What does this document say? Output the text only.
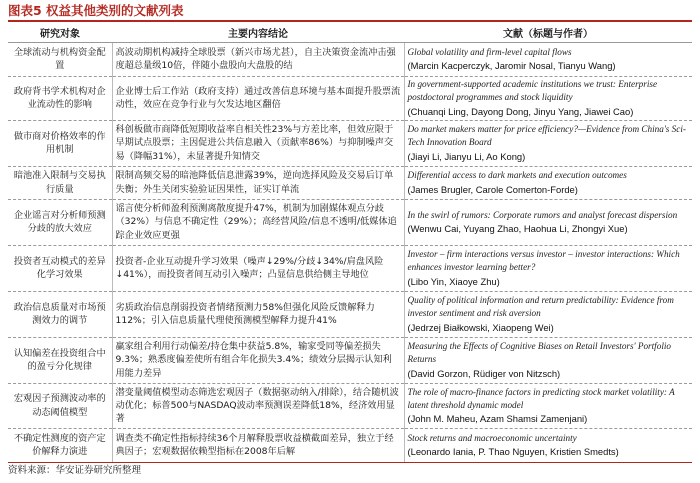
图表5 权益其他类别的文献列表
研究对象	主要内容结论	文献（标题与作者）
全球流动与机构资金配置	高波动期机构减持全球股票（新兴市场尤甚），自主决策资金流冲击强度超总量级10倍，伴随小盘股向大盘股的结	Global volatility and firm-level capital flows
(Marcin Kacperczyk, Jaromir Nosal, Tianyu Wang)

政府背书学术机构对企业流动性的影响	企业博士后工作站（政府支持）通过改善信息环境与基本面提升股票流动性，效应在竞争行业与欠发达地区翻倍	In government-supported academic institutions we trust: Enterprise postdoctoral programmes and stock liquidity
(Chuanqi Ling, Dayong Dong, Jinyu Yang, Jiawei Cao)

做市商对价格效率的作用机制	科创板做市商降低短期收益率自相关性23%与方差比率，但效应限于早期试点股票；主因促进公共信息融入（贡献率86%）与抑制噪声交易（降幅31%），未显著提升知情交	Do market makers matter for price efficiency?—Evidence from China's Sci-Tech Innovation Board
(Jiayi Li, Jianyu Li, Ao Kong)

暗池准入限制与交易执行质量	限制高频交易的暗池降低信息泄露39%，逆向选择风险及交易后订单失衡；外生关闭实验验证因果性，证实订单流	Differential access to dark markets and execution outcomes
(James Brugler, Carole Comerton-Forde)

企业谣言对分析师预测分歧的放大效应	谣言使分析师盈利预测离散度提升47%，机制为加剧媒体观点分歧（32%）与信息不确定性（29%）；高经营风险/信息不透明/低媒体追踪企业效应更强	In the swirl of rumors: Corporate rumors and analyst forecast dispersion
(Wenwu Cai, Yuyang Zhao, Haohua Li, Zhongyi Xue)

投资者互动模式的差异化学习效果	投资者-企业互动提升学习效果（噪声↓29%/分歧↓34%/肩盘风险↓41%），而投资者间互动引入噪声；凸显信息供给侧主导地位	Investor – firm interactions versus investor – investor interactions: Which enhances investor learning better?
(Libo Yin, Xiaoye Zhu)

政治信息质量对市场预测效力的调节	劣质政治信息削弱投资者情绪预测力58%但强化风险反馈解释力112%；引入信息质量代理使预测模型解释力提升41%	Quality of political information and return predictability: Evidence from investor sentiment and risk aversion
(Jedrzej Białkowski, Xiaopeng Wei)

认知偏差在投资组合中的盈亏分化规律	赢家组合利用行动偏差/持仓集中获益5.8%，输家受同等偏差损失9.3%；熟悉度偏差使所有组合年化损失3.4%；绩效分层揭示认知利用能力差异	Measuring the Effects of Cognitive Biases on Retail Investors' Portfolio Returns
(David Gorzon, Rüdiger von Nitzsch)

宏观因子预测波动率的动态阈值模型	潜变量阈值模型动态筛选宏观因子（数据驱动纳入/排除），结合随机波动优化；标普500与NASDAQ波动率预测误差降低18%，经济效用显著	The role of macro-finance factors in predicting stock market volatility: A latent threshold dynamic model
(John M. Maheu, Azam Shamsi Zamenjani)

不确定性测度的资产定价解释力演进	调查类不确定性指标持续36个月解释股票收益横截面差异，独立于经典因子；宏观数据依赖型指标在2008年后解	Stock returns and macroeconomic uncertainty
(Leonardo Iania, P. Thao Nguyen, Kristien Smedts)
资料来源：华安证券研究所整理
